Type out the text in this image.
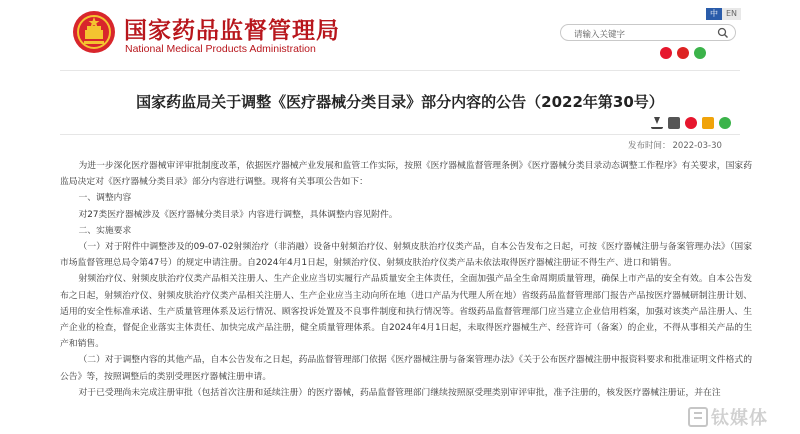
国家药品监督管理局
National Medical Products Administration
中	EN
请输入关键字
国家药监局关于调整《医疗器械分类目录》部分内容的公告（2022年第30号）
发布时间： 2022-03-30

为进一步深化医疗器械审评审批制度改革，依据医疗器械产业发展和监管工作实际，按照《医疗器械监督管理条例》《医疗器械分类目录动态调整工作程序》有关要求，国家药监局决定对《医疗器械分类目录》部分内容进行调整。现将有关事项公告如下：

一、调整内容

对27类医疗器械涉及《医疗器械分类目录》内容进行调整，具体调整内容见附件。

二、实施要求

（一）对于附件中调整涉及的09-07-02射频治疗（非消融）设备中射频治疗仪、射频皮肤治疗仪类产品，自本公告发布之日起，可按《医疗器械注册与备案管理办法》（国家市场监督管理总局令第47号）的规定申请注册。自2024年4月1日起，射频治疗仪、射频皮肤治疗仪类产品未依法取得医疗器械注册证不得生产、进口和销售。

射频治疗仪、射频皮肤治疗仪类产品相关注册人、生产企业应当切实履行产品质量安全主体责任，全面加强产品全生命周期质量管理，确保上市产品的安全有效。自本公告发布之日起，射频治疗仪、射频皮肤治疗仪类产品相关注册人、生产企业应当主动向所在地（进口产品为代理人所在地）省级药品监督管理部门报告产品按医疗器械研制注册计划、适用的安全性标准承诺、生产质量管理体系及运行情况、顾客投诉处置及不良事件制度和执行情况等。省级药品监督管理部门应当建立企业信用档案，加强对该类产品注册人、生产企业的检查，督促企业落实主体责任、加快完成产品注册，健全质量管理体系。自2024年4月1日起，未取得医疗器械生产、经营许可（备案）的企业，不得从事相关产品的生产和销售。

（二）对于调整内容的其他产品，自本公告发布之日起，药品监督管理部门依据《医疗器械注册与备案管理办法》《关于公布医疗器械注册申报资料要求和批准证明文件格式的公告》等，按照调整后的类别受理医疗器械注册申请。

对于已受理尚未完成注册审批（包括首次注册和延续注册）的医疗器械，药品监督管理部门继续按照原受理类别审评审批，准予注册的，核发医疗器械注册证，并在注

钛媒体
